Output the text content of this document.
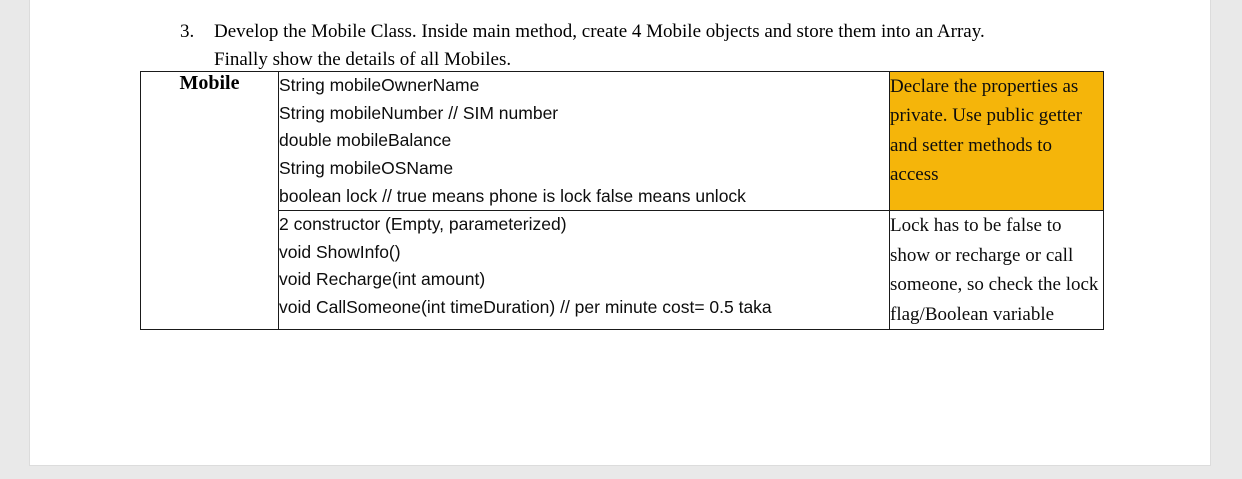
3.	Develop the Mobile Class. Inside main method, create 4 Mobile objects and store them into an Array. Finally show the details of all Mobiles.
Mobile	String mobileOwnerName
String mobileNumber // SIM number
double mobileBalance
String mobileOSName
boolean lock // true means phone is lock false means unlock	Declare the properties as private. Use public getter and setter methods to access

	2 constructor (Empty, parameterized)
void ShowInfo()
void Recharge(int amount)
void CallSomeone(int timeDuration) // per minute cost= 0.5 taka	Lock has to be false to show or recharge or call someone, so check the lock flag/Boolean variable
